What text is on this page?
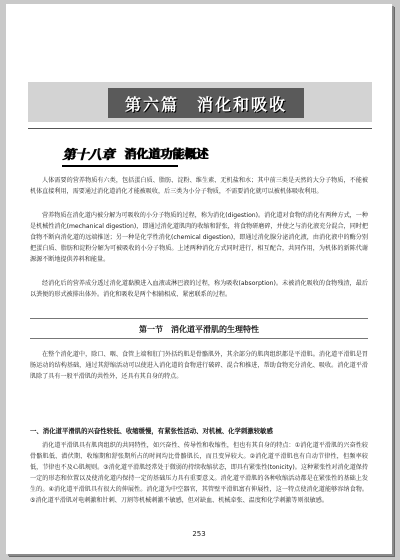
第六篇　消化和吸收
第十八章 消化道功能概述

人体需要的营养物质有六类，包括蛋白质、脂肪、淀粉、维生素、无机盐和水；其中前三类是天然的大分子物质，不能被机体直接利用，需要通过消化道消化才能被吸收，后三类为小分子物质，不需要消化就可以被机体吸收利用。

营养物质在消化道内被分解为可吸收的小分子物质的过程，称为消化(digestion)。消化道对食物的消化有两种方式，一种是机械性消化(mechanical digestion)，即通过消化道肌肉的收缩和舒张，将食物研磨碎，并使之与消化液充分混合，同时把食物不断向消化道的远端推送；另一种是化学性消化(chemical digestion)，即通过消化腺分泌消化液，由消化液中的酶分别把蛋白质、脂肪和淀粉分解为可被吸收的小分子物质。上述两种消化方式同时进行，相互配合，共同作用，为机体的新陈代谢源源不断地提供养料和能量。

经消化后的营养成分透过消化道黏膜进入血液或淋巴液的过程，称为吸收(absorption)。未被消化吸收的食物残渣，最后以粪便的形式被排出体外。消化和吸收是两个相辅相成、紧密联系的过程。

第一节　消化道平滑肌的生理特性

在整个消化道中，除口、咽、食管上端和肛门外括约肌是骨骼肌外，其余部分的肌肉组织都是平滑肌。消化道平滑肌是胃肠运动的结构基础，通过其舒缩活动可以使进入消化道的食物进行破碎、混合和推进，帮助食物充分消化、吸收。消化道平滑肌除了具有一般平滑肌的共性外，还具有其自身的特点。

一、消化道平滑肌的兴奋性较低、收缩缓慢，有紧张性活动、对机械、化学刺激较敏感

消化道平滑肌具有肌肉组织的共同特性，如兴奋性、传导性和收缩性，但也有其自身的特点：①消化道平滑肌的兴奋性较骨骼肌低、潜伏期、收缩期和舒张期所占的时间均比骨骼肌长，而且变异较大。②消化道平滑肌也有自动节律性，但频率较低，节律也不及心肌规则。③消化道平滑肌经常处于微弱的持续收缩状态，即具有紧张性(tonicity)。这种紧张性对消化道保持一定的形态和位置以及使消化道内保持一定的基础压力具有重要意义。消化道平滑肌的各种收缩活动都是在紧张性的基础上发生的。④消化道平滑肌具有很大的伸展性。消化道为中空器官，其管壁平滑肌富有伸展性，这一特点使消化道能够容纳食物。⑤消化道平滑肌对电刺激和针刺、刀割等机械刺激不敏感，但对缺血、机械牵张、温度和化学刺激等则很敏感。

253
